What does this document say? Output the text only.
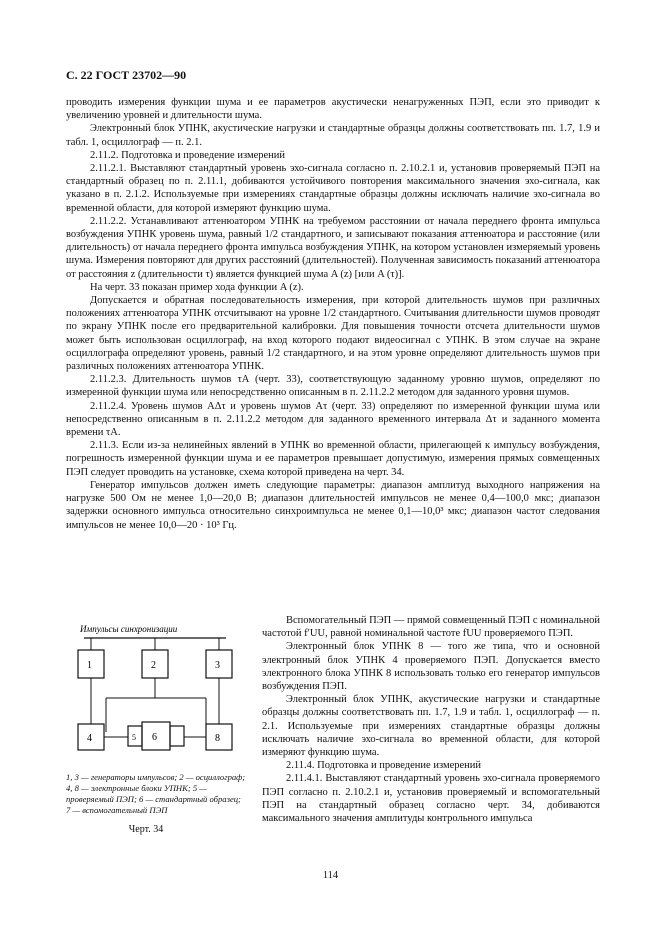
С. 22 ГОСТ 23702—90

проводить измерения функции шума и ее параметров акустически ненагруженных ПЭП, если это приводит к увеличению уровней и длительности шума.

Электронный блок УПНК, акустические нагрузки и стандартные образцы должны соответствовать пп. 1.7, 1.9 и табл. 1, осциллограф — п. 2.1.

2.11.2. Подготовка и проведение измерений

2.11.2.1. Выставляют стандартный уровень эхо-сигнала согласно п. 2.10.2.1 и, установив проверяемый ПЭП на стандартный образец по п. 2.11.1, добиваются устойчивого повторения максимального значения эхо-сигнала, как указано в п. 2.1.2. Используемые при измерениях стандартные образцы должны исключать наличие эхо-сигнала во временной области, для которой измеряют функцию шума.

2.11.2.2. Устанавливают аттенюатором УПНК на требуемом расстоянии от начала переднего фронта импульса возбуждения УПНК уровень шума, равный 1/2 стандартного, и записывают показания аттенюатора и расстояние (или длительность) от начала переднего фронта импульса возбуждения УПНК, на котором установлен измеряемый уровень шума. Измерения повторяют для других расстояний (длительностей). Полученная зависимость показаний аттенюатора от расстояния z (длительности τ) является функцией шума A (z) [или A (τ)].

На черт. 33 показан пример хода функции A (z).

Допускается и обратная последовательность измерения, при которой длительность шумов при различных положениях аттенюатора УПНК отсчитывают на уровне 1/2 стандартного. Считывания длительности шумов проводят по экрану УПНК после его предварительной калибровки. Для повышения точности отсчета длительности шумов может быть использован осциллограф, на вход которого подают видеосигнал с УПНК. В этом случае на экране осциллографа определяют уровень, равный 1/2 стандартного, и на этом уровне определяют длительность шумов при различных положениях аттенюатора УПНК.

2.11.2.3. Длительность шумов τA (черт. 33), соответствующую заданному уровню шумов, определяют по измеренной функции шума или непосредственно описанным в п. 2.11.2.2 методом для заданного уровня шумов.

2.11.2.4. Уровень шумов AΔτ и уровень шумов Aτ (черт. 33) определяют по измеренной функции шума или непосредственно описанным в п. 2.11.2.2 методом для заданного временного интервала Δτ и заданного момента времени τA.

2.11.3. Если из-за нелинейных явлений в УПНК во временной области, прилегающей к импульсу возбуждения, погрешность измеренной функции шума и ее параметров превышает допустимую, измерения прямых совмещенных ПЭП следует проводить на установке, схема которой приведена на черт. 34.

Генератор импульсов должен иметь следующие параметры: диапазон амплитуд выходного напряжения на нагрузке 500 Ом не менее 1,0—20,0 В; диапазон длительностей импульсов не менее 0,4—100,0 мкс; диапазон задержки основного импульса относительно синхроимпульса не менее 0,1—10,0³ мкс; диапазон частот следования импульсов не менее 10,0—20 · 10³ Гц.

Импульсы синхронизации
1	2	3
4	5 6	8
1, 3 — генераторы импульсов; 2 — осциллограф; 4, 8 — электронные блоки УПНК; 5 — проверяемый ПЭП; 6 — стандартный образец; 7 — вспомогательный ПЭП
Черт. 34

Вспомогательный ПЭП — прямой совмещенный ПЭП с номинальной частотой f′UU, равной номинальной частоте fUU проверяемого ПЭП.

Электронный блок УПНК 8 — того же типа, что и основной электронный блок УПНК 4 проверяемого ПЭП. Допускается вместо электронного блока УПНК 8 использовать только его генератор импульсов возбуждения ПЭП.

Электронный блок УПНК, акустические нагрузки и стандартные образцы должны соответствовать пп. 1.7, 1.9 и табл. 1, осциллограф — п. 2.1. Используемые при измерениях стандартные образцы должны исключать наличие эхо-сигнала во временной области, для которой измеряют функцию шума.

2.11.4. Подготовка и проведение измерений

2.11.4.1. Выставляют стандартный уровень эхо-сигнала проверяемого ПЭП согласно п. 2.10.2.1 и, установив проверяемый и вспомогательный ПЭП на стандартный образец согласно черт. 34, добиваются максимального значения амплитуды контрольного импульса

114
